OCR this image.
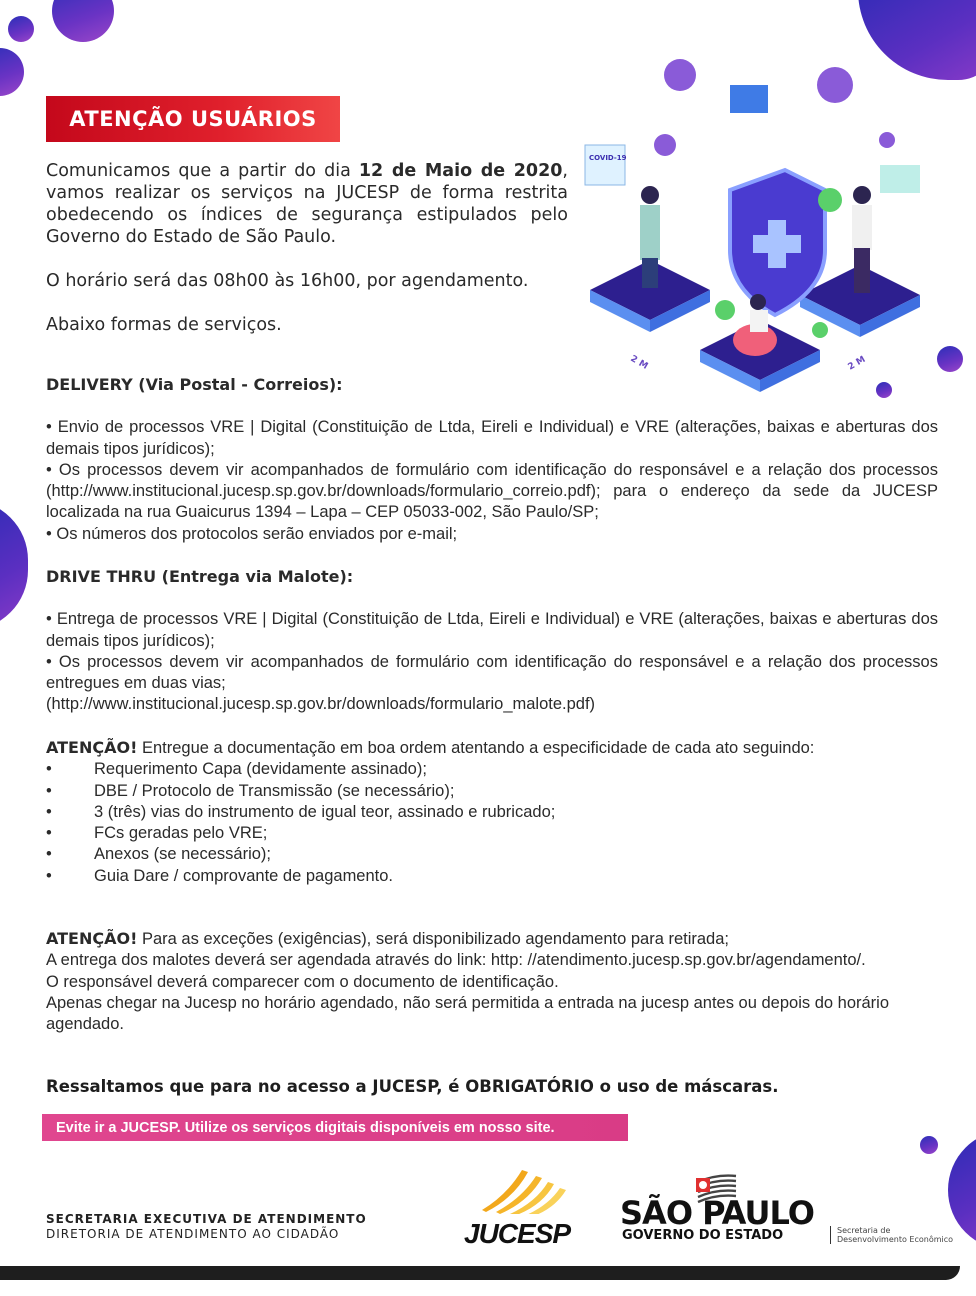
ATENÇÃO USUÁRIOS

Comunicamos que a partir do dia 12 de Maio de 2020, vamos realizar os serviços na JUCESP de forma restrita obedecendo os índices de segurança estipulados pelo Governo do Estado de São Paulo.

O horário será das 08h00 às 16h00, por agendamento.

Abaixo formas de serviços.

COVID-19
2 M	2 M

DELIVERY (Via Postal - Correios):

• Envio de processos VRE | Digital (Constituição de Ltda, Eireli e Individual) e VRE (alterações, baixas e aberturas dos demais tipos jurídicos);

• Os processos devem vir acompanhados de formulário com identificação do responsável e a relação dos processos (http://www.institucional.jucesp.sp.gov.br/downloads/formulario_correio.pdf); para o endereço da sede da JUCESP localizada na rua Guaicurus 1394 – Lapa – CEP 05033-002, São Paulo/SP;

• Os números dos protocolos serão enviados por e-mail;

DRIVE THRU (Entrega via Malote):

• Entrega de processos VRE | Digital (Constituição de Ltda, Eireli e Individual) e VRE (alterações, baixas e aberturas dos demais tipos jurídicos);

• Os processos devem vir acompanhados de formulário com identificação do responsável e a relação dos processos entregues em duas vias;

(http://www.institucional.jucesp.sp.gov.br/downloads/formulario_malote.pdf)

ATENÇÃO! Entregue a documentação em boa ordem atentando a especificidade de cada ato seguindo:

•	Requerimento Capa (devidamente assinado);
•	DBE / Protocolo de Transmissão (se necessário);
•	3 (três) vias do instrumento de igual teor, assinado e rubricado;
•	FCs geradas pelo VRE;
•	Anexos (se necessário);
•	Guia Dare / comprovante de pagamento.

ATENÇÃO! Para as exceções (exigências), será disponibilizado agendamento para retirada;

A entrega dos malotes deverá ser agendada através do link: http: //atendimento.jucesp.sp.gov.br/agendamento/.

O responsável deverá comparecer com o documento de identificação.

Apenas chegar na Jucesp no horário agendado, não será permitida a entrada na jucesp antes ou depois do horário agendado.

Ressaltamos que para no acesso a JUCESP, é OBRIGATÓRIO o uso de máscaras.
Evite ir a JUCESP. Utilize os serviços digitais disponíveis em nosso site.
SECRETARIA EXECUTIVA DE ATENDIMENTO
DIRETORIA DE ATENDIMENTO AO CIDADÃO	JUCESP
SÃO PAULO
GOVERNO DO ESTADO	Secretaria de
Desenvolvimento Econômico
